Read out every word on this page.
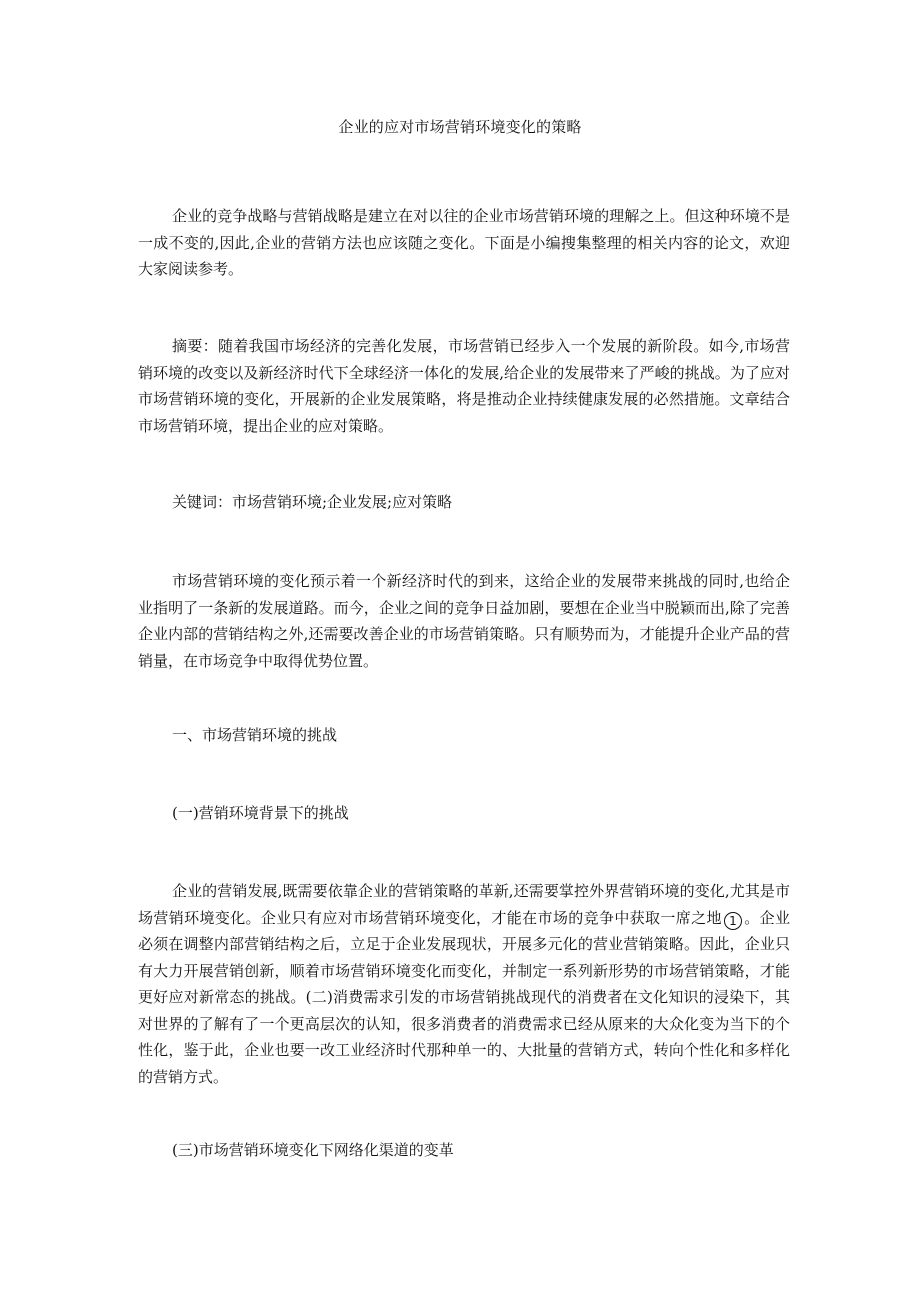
企业的应对市场营销环境变化的策略
企业的竞争战略与营销战略是建立在对以往的企业市场营销环境的理解之上。但这种环境不是一成不变的,因此,企业的营销方法也应该随之变化。下面是小编搜集整理的相关内容的论文，欢迎大家阅读参考。
摘要：随着我国市场经济的完善化发展，市场营销已经步入一个发展的新阶段。如今,市场营销环境的改变以及新经济时代下全球经济一体化的发展,给企业的发展带来了严峻的挑战。为了应对市场营销环境的变化，开展新的企业发展策略，将是推动企业持续健康发展的必然措施。文章结合市场营销环境，提出企业的应对策略。
关键词：市场营销环境;企业发展;应对策略
市场营销环境的变化预示着一个新经济时代的到来，这给企业的发展带来挑战的同时,也给企业指明了一条新的发展道路。而今，企业之间的竞争日益加剧，要想在企业当中脱颖而出,除了完善企业内部的营销结构之外,还需要改善企业的市场营销策略。只有顺势而为，才能提升企业产品的营销量，在市场竞争中取得优势位置。
一、市场营销环境的挑战
(一)营销环境背景下的挑战
企业的营销发展,既需要依靠企业的营销策略的革新,还需要掌控外界营销环境的变化,尤其是市场营销环境变化。企业只有应对市场营销环境变化，才能在市场的竞争中获取一席之地 1 。企业必须在调整内部营销结构之后，立足于企业发展现状，开展多元化的营业营销策略。因此，企业只有大力开展营销创新，顺着市场营销环境变化而变化，并制定一系列新形势的市场营销策略，才能更好应对新常态的挑战。(二)消费需求引发的市场营销挑战现代的消费者在文化知识的浸染下，其对世界的了解有了一个更高层次的认知，很多消费者的消费需求已经从原来的大众化变为当下的个性化，鉴于此，企业也要一改工业经济时代那种单一的、大批量的营销方式，转向个性化和多样化的营销方式。
(三)市场营销环境变化下网络化渠道的变革
